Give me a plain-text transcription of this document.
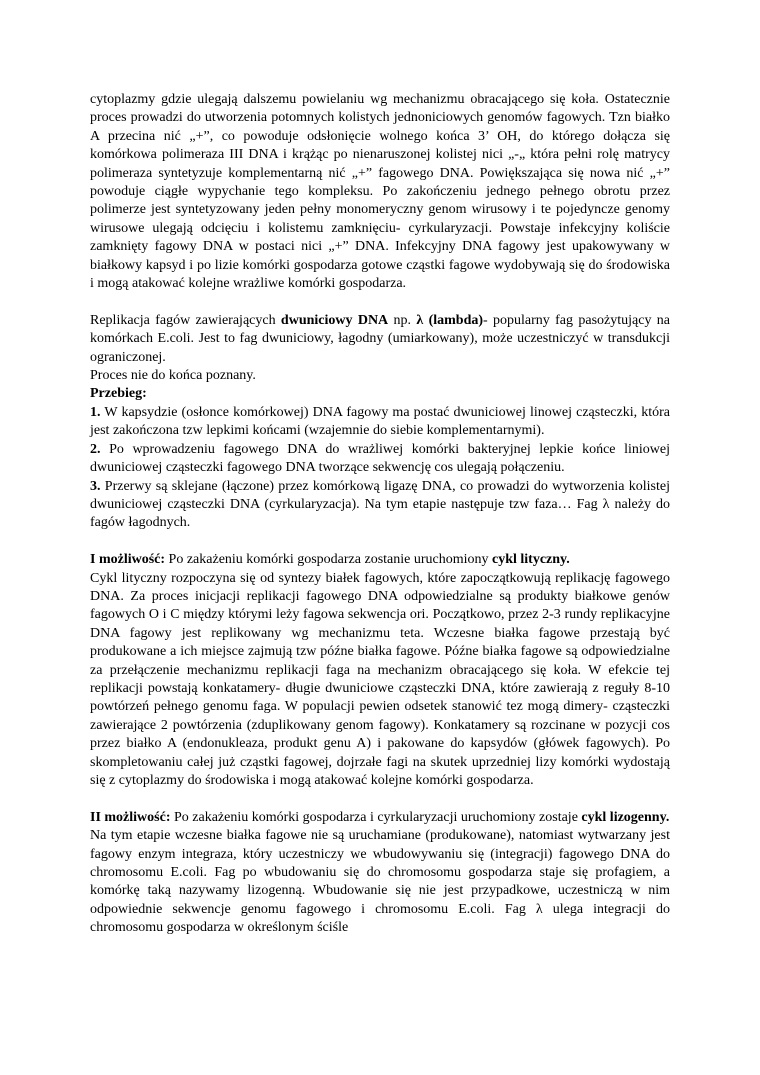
cytoplazmy gdzie ulegają dalszemu powielaniu wg mechanizmu obracającego się koła. Ostatecznie proces prowadzi do utworzenia potomnych kolistych jednoniciowych genomów fagowych. Tzn białko A przecina nić „+”, co powoduje odsłonięcie wolnego końca 3’ OH, do którego dołącza się komórkowa polimeraza III DNA i krążąc po nienaruszonej kolistej nici „-„ która pełni rolę matrycy polimeraza syntetyzuje komplementarną nić „+” fagowego DNA. Powiększająca się nowa nić „+” powoduje ciągłe wypychanie tego kompleksu. Po zakończeniu jednego pełnego obrotu przez polimerze jest syntetyzowany jeden pełny monomeryczny genom wirusowy i te pojedyncze genomy wirusowe ulegają odcięciu i kolistemu zamknięciu- cyrkularyzacji. Powstaje infekcyjny koliście zamknięty fagowy DNA w postaci nici „+” DNA. Infekcyjny DNA fagowy jest upakowywany w białkowy kapsyd i po lizie komórki gospodarza gotowe cząstki fagowe wydobywają się do środowiska i mogą atakować kolejne wrażliwe komórki gospodarza.

Replikacja fagów zawierających dwuniciowy DNA np. λ (lambda)- popularny fag pasożytujący na komórkach E.coli. Jest to fag dwuniciowy, łagodny (umiarkowany), może uczestniczyć w transdukcji ograniczonej.

Proces nie do końca poznany.

Przebieg:

1. W kapsydzie (osłonce komórkowej) DNA fagowy ma postać dwuniciowej linowej cząsteczki, która jest zakończona tzw lepkimi końcami (wzajemnie do siebie komplementarnymi).

2. Po wprowadzeniu fagowego DNA do wrażliwej komórki bakteryjnej lepkie końce liniowej dwuniciowej cząsteczki fagowego DNA tworzące sekwencję cos ulegają połączeniu.

3. Przerwy są sklejane (łączone) przez komórkową ligazę DNA, co prowadzi do wytworzenia kolistej dwuniciowej cząsteczki DNA (cyrkularyzacja). Na tym etapie następuje tzw faza… Fag λ należy do fagów łagodnych.

I możliwość: Po zakażeniu komórki gospodarza zostanie uruchomiony cykl lityczny.

Cykl lityczny rozpoczyna się od syntezy białek fagowych, które zapoczątkowują replikację fagowego DNA. Za proces inicjacji replikacji fagowego DNA odpowiedzialne są produkty białkowe genów fagowych O i C między którymi leży fagowa sekwencja ori. Początkowo, przez 2-3 rundy replikacyjne DNA fagowy jest replikowany wg mechanizmu teta. Wczesne białka fagowe przestają być produkowane a ich miejsce zajmują tzw późne białka fagowe. Późne białka fagowe są odpowiedzialne za przełączenie mechanizmu replikacji faga na mechanizm obracającego się koła. W efekcie tej replikacji powstają konkatamery- długie dwuniciowe cząsteczki DNA, które zawierają z reguły 8-10 powtórzeń pełnego genomu faga. W populacji pewien odsetek stanowić tez mogą dimery- cząsteczki zawierające 2 powtórzenia (zduplikowany genom fagowy). Konkatamery są rozcinane w pozycji cos przez białko A (endonukleaza, produkt genu A) i pakowane do kapsydów (główek fagowych). Po skompletowaniu całej już cząstki fagowej, dojrzałe fagi na skutek uprzedniej lizy komórki wydostają się z cytoplazmy do środowiska i mogą atakować kolejne komórki gospodarza.

II możliwość: Po zakażeniu komórki gospodarza i cyrkularyzacji uruchomiony zostaje cykl lizogenny.

Na tym etapie wczesne białka fagowe nie są uruchamiane (produkowane), natomiast wytwarzany jest fagowy enzym integraza, który uczestniczy we wbudowywaniu się (integracji) fagowego DNA do chromosomu E.coli. Fag po wbudowaniu się do chromosomu gospodarza staje się profagiem, a komórkę taką nazywamy lizogenną. Wbudowanie się nie jest przypadkowe, uczestniczą w nim odpowiednie sekwencje genomu fagowego i chromosomu E.coli. Fag λ ulega integracji do chromosomu gospodarza w określonym ściśle
